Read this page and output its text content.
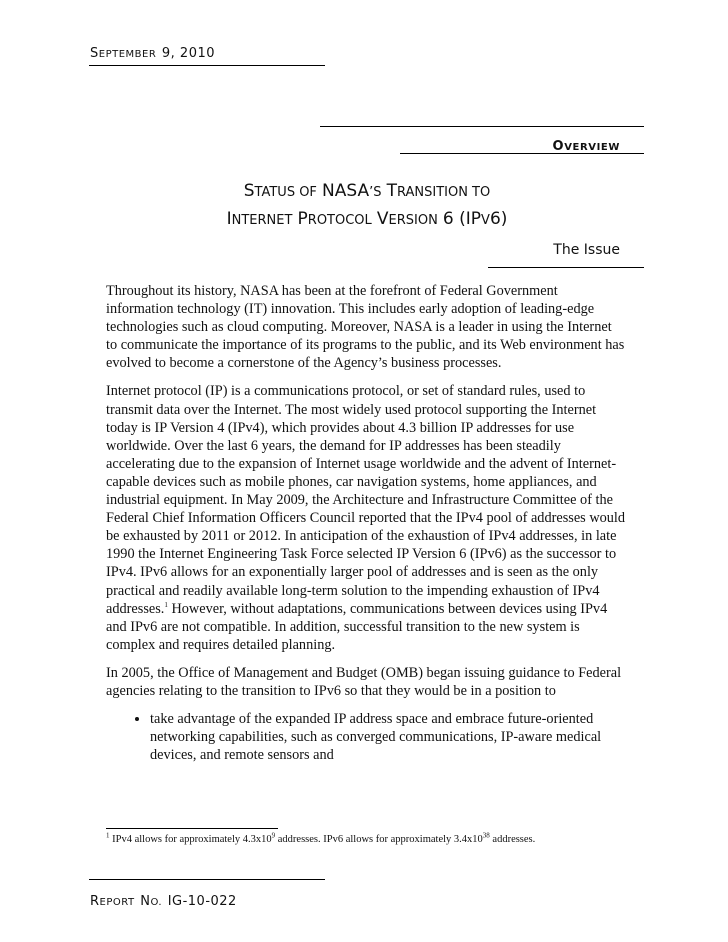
SEPTEMBER 9, 2010
OVERVIEW
STATUS OF NASA’S TRANSITION TO
INTERNET PROTOCOL VERSION 6 (IPV6)
The Issue

Throughout its history, NASA has been at the forefront of Federal Government information technology (IT) innovation. This includes early adoption of leading-edge technologies such as cloud computing. Moreover, NASA is a leader in using the Internet to communicate the importance of its programs to the public, and its Web environment has evolved to become a cornerstone of the Agency’s business processes.

Internet protocol (IP) is a communications protocol, or set of standard rules, used to transmit data over the Internet. The most widely used protocol supporting the Internet today is IP Version 4 (IPv4), which provides about 4.3 billion IP addresses for use worldwide. Over the last 6 years, the demand for IP addresses has been steadily accelerating due to the expansion of Internet usage worldwide and the advent of Internet-capable devices such as mobile phones, car navigation systems, home appliances, and industrial equipment. In May 2009, the Architecture and Infrastructure Committee of the Federal Chief Information Officers Council reported that the IPv4 pool of addresses would be exhausted by 2011 or 2012. In anticipation of the exhaustion of IPv4 addresses, in late 1990 the Internet Engineering Task Force selected IP Version 6 (IPv6) as the successor to IPv4. IPv6 allows for an exponentially larger pool of addresses and is seen as the only practical and readily available long-term solution to the impending exhaustion of IPv4 addresses.$^1$ However, without adaptations, communications between devices using IPv4 and IPv6 are not compatible. In addition, successful transition to the new system is complex and requires detailed planning.

In 2005, the Office of Management and Budget (OMB) began issuing guidance to Federal agencies relating to the transition to IPv6 so that they would be in a position to

• take advantage of the expanded IP address space and embrace future-oriented networking capabilities, such as converged communications, IP-aware medical devices, and remote sensors and
$^1$ IPv4 allows for approximately $4.3x10^9$ addresses. IPv6 allows for approximately $3.4x10^{38}$ addresses.
REPORT NO. IG-10-022
